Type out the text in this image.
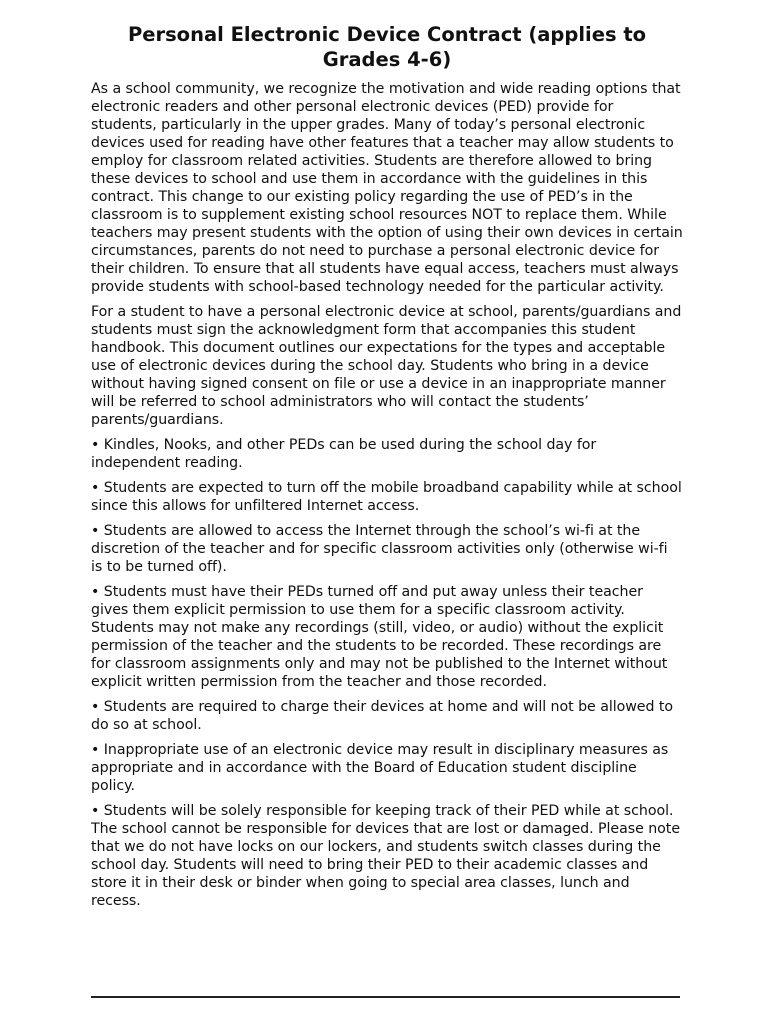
Personal Electronic Device Contract (applies to Grades 4-6)

As a school community, we recognize the motivation and wide reading options that electronic readers and other personal electronic devices (PED) provide for students, particularly in the upper grades. Many of today’s personal electronic devices used for reading have other features that a teacher may allow students to employ for classroom related activities. Students are therefore allowed to bring these devices to school and use them in accordance with the guidelines in this contract. This change to our existing policy regarding the use of PED’s in the classroom is to supplement existing school resources NOT to replace them. While teachers may present students with the option of using their own devices in certain circumstances, parents do not need to purchase a personal electronic device for their children. To ensure that all students have equal access, teachers must always provide students with school-based technology needed for the particular activity.

For a student to have a personal electronic device at school, parents/guardians and students must sign the acknowledgment form that accompanies this student handbook. This document outlines our expectations for the types and acceptable use of electronic devices during the school day. Students who bring in a device without having signed consent on file or use a device in an inappropriate manner will be referred to school administrators who will contact the students’ parents/guardians.

• Kindles, Nooks, and other PEDs can be used during the school day for independent reading.

• Students are expected to turn off the mobile broadband capability while at school since this allows for unfiltered Internet access.

• Students are allowed to access the Internet through the school’s wi-fi at the discretion of the teacher and for specific classroom activities only (otherwise wi-fi is to be turned off).

• Students must have their PEDs turned off and put away unless their teacher gives them explicit permission to use them for a specific classroom activity. Students may not make any recordings (still, video, or audio) without the explicit permission of the teacher and the students to be recorded. These recordings are for classroom assignments only and may not be published to the Internet without explicit written permission from the teacher and those recorded.

• Students are required to charge their devices at home and will not be allowed to do so at school.

• Inappropriate use of an electronic device may result in disciplinary measures as appropriate and in accordance with the Board of Education student discipline policy.

• Students will be solely responsible for keeping track of their PED while at school. The school cannot be responsible for devices that are lost or damaged. Please note that we do not have locks on our lockers, and students switch classes during the school day. Students will need to bring their PED to their academic classes and store it in their desk or binder when going to special area classes, lunch and recess.
